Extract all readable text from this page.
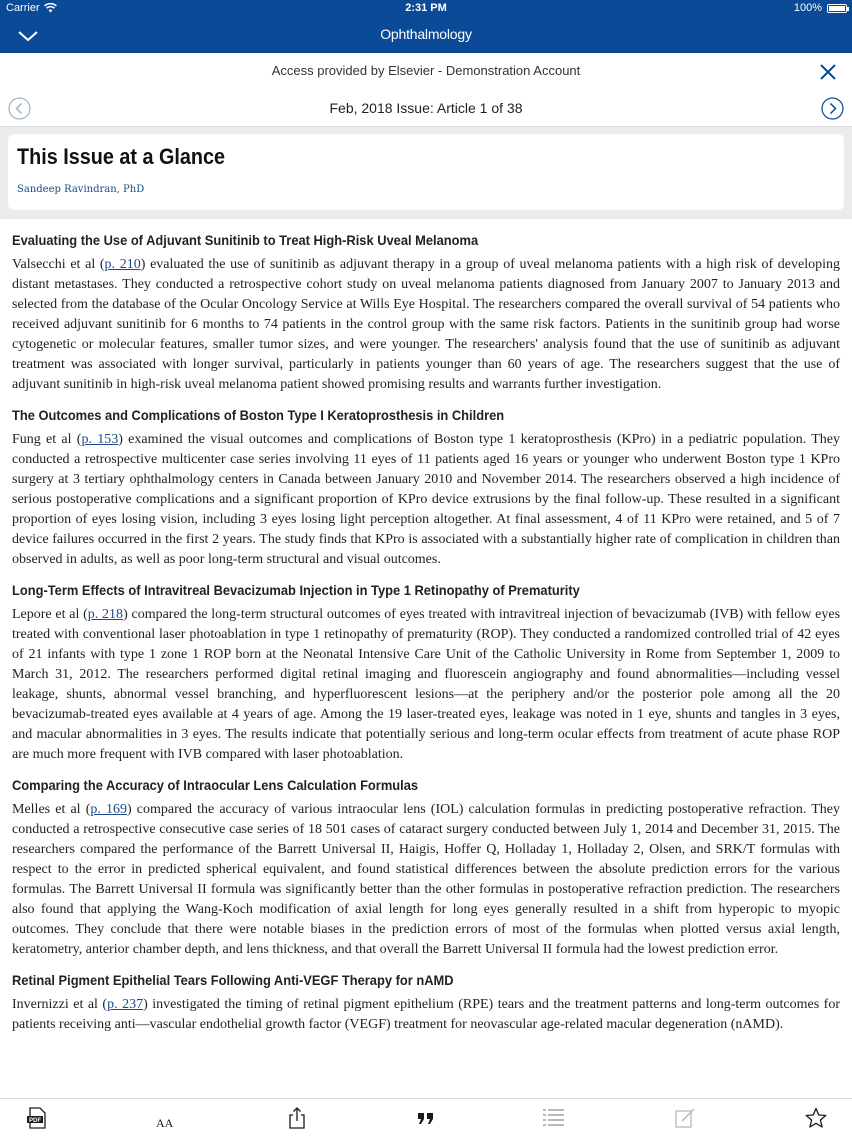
Carrier	2:31 PM	100%
Ophthalmology
Access provided by Elsevier - Demonstration Account
Feb, 2018 Issue: Article 1 of 38
This Issue at a Glance
Sandeep Ravindran, PhD
Evaluating the Use of Adjuvant Sunitinib to Treat High-Risk Uveal Melanoma

Valsecchi et al (p. 210) evaluated the use of sunitinib as adjuvant therapy in a group of uveal melanoma patients with a high risk of developing distant metastases. They conducted a retrospective cohort study on uveal melanoma patients diagnosed from January 2007 to January 2013 and selected from the database of the Ocular Oncology Service at Wills Eye Hospital. The researchers compared the overall survival of 54 patients who received adjuvant sunitinib for 6 months to 74 patients in the control group with the same risk factors. Patients in the sunitinib group had worse cytogenetic or molecular features, smaller tumor sizes, and were younger. The researchers' analysis found that the use of sunitinib as adjuvant treatment was associated with longer survival, particularly in patients younger than 60 years of age. The researchers suggest that the use of adjuvant sunitinib in high-risk uveal melanoma patient showed promising results and warrants further investigation.

The Outcomes and Complications of Boston Type I Keratoprosthesis in Children

Fung et al (p. 153) examined the visual outcomes and complications of Boston type 1 keratoprosthesis (KPro) in a pediatric population. They conducted a retrospective multicenter case series involving 11 eyes of 11 patients aged 16 years or younger who underwent Boston type 1 KPro surgery at 3 tertiary ophthalmology centers in Canada between January 2010 and November 2014. The researchers observed a high incidence of serious postoperative complications and a significant proportion of KPro device extrusions by the final follow-up. These resulted in a significant proportion of eyes losing vision, including 3 eyes losing light perception altogether. At final assessment, 4 of 11 KPro were retained, and 5 of 7 device failures occurred in the first 2 years. The study finds that KPro is associated with a substantially higher rate of complication in children than observed in adults, as well as poor long-term structural and visual outcomes.

Long-Term Effects of Intravitreal Bevacizumab Injection in Type 1 Retinopathy of Prematurity

Lepore et al (p. 218) compared the long-term structural outcomes of eyes treated with intravitreal injection of bevacizumab (IVB) with fellow eyes treated with conventional laser photoablation in type 1 retinopathy of prematurity (ROP). They conducted a randomized controlled trial of 42 eyes of 21 infants with type 1 zone 1 ROP born at the Neonatal Intensive Care Unit of the Catholic University in Rome from September 1, 2009 to March 31, 2012. The researchers performed digital retinal imaging and fluorescein angiography and found abnormalities—including vessel leakage, shunts, abnormal vessel branching, and hyperfluorescent lesions—at the periphery and/or the posterior pole among all the 20 bevacizumab-treated eyes available at 4 years of age. Among the 19 laser-treated eyes, leakage was noted in 1 eye, shunts and tangles in 3 eyes, and macular abnormalities in 3 eyes. The results indicate that potentially serious and long-term ocular effects from treatment of acute phase ROP are much more frequent with IVB compared with laser photoablation.

Comparing the Accuracy of Intraocular Lens Calculation Formulas

Melles et al (p. 169) compared the accuracy of various intraocular lens (IOL) calculation formulas in predicting postoperative refraction. They conducted a retrospective consecutive case series of 18 501 cases of cataract surgery conducted between July 1, 2014 and December 31, 2015. The researchers compared the performance of the Barrett Universal II, Haigis, Hoffer Q, Holladay 1, Holladay 2, Olsen, and SRK/T formulas with respect to the error in predicted spherical equivalent, and found statistical differences between the absolute prediction errors for the various formulas. The Barrett Universal II formula was significantly better than the other formulas in postoperative refraction prediction. The researchers also found that applying the Wang-Koch modification of axial length for long eyes generally resulted in a shift from hyperopic to myopic outcomes. They conclude that there were notable biases in the prediction errors of most of the formulas when plotted versus axial length, keratometry, anterior chamber depth, and lens thickness, and that overall the Barrett Universal II formula had the lowest prediction error.

Retinal Pigment Epithelial Tears Following Anti-VEGF Therapy for nAMD

Invernizzi et al (p. 237) investigated the timing of retinal pigment epithelium (RPE) tears and the treatment patterns and long-term outcomes for patients receiving anti—vascular endothelial growth factor (VEGF) treatment for neovascular age-related macular degeneration (nAMD).

PDF	AA
